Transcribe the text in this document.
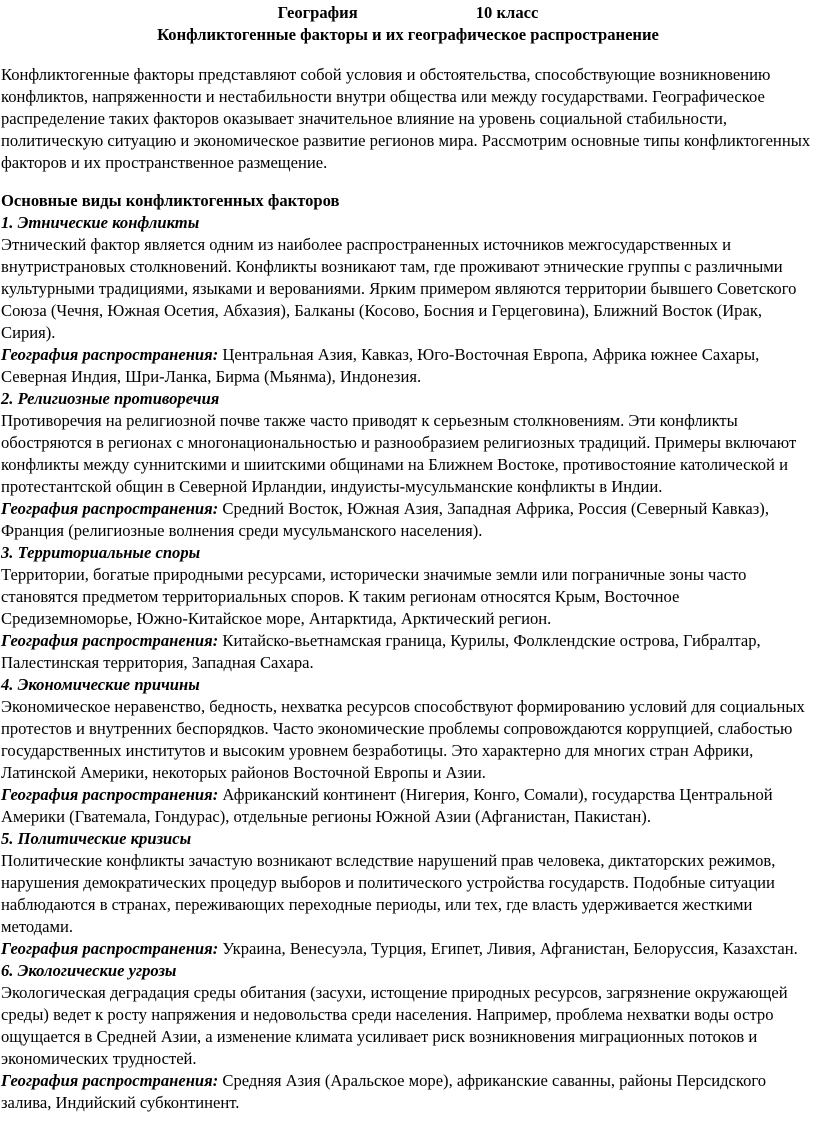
География	10 класс
Конфликтогенные факторы и их географическое распространение

Конфликтогенные факторы представляют собой условия и обстоятельства, способствующие возникновению конфликтов, напряженности и нестабильности внутри общества или между государствами. Географическое распределение таких факторов оказывает значительное влияние на уровень социальной стабильности, политическую ситуацию и экономическое развитие регионов мира. Рассмотрим основные типы конфликтогенных факторов и их пространственное размещение.

Основные виды конфликтогенных факторов

1. Этнические конфликты

Этнический фактор является одним из наиболее распространенных источников межгосударственных и внутристрановых столкновений. Конфликты возникают там, где проживают этнические группы с различными культурными традициями, языками и верованиями. Ярким примером являются территории бывшего Советского Союза (Чечня, Южная Осетия, Абхазия), Балканы (Косово, Босния и Герцеговина), Ближний Восток (Ирак, Сирия).

География распространения: Центральная Азия, Кавказ, Юго-Восточная Европа, Африка южнее Сахары, Северная Индия, Шри-Ланка, Бирма (Мьянма), Индонезия.

2. Религиозные противоречия

Противоречия на религиозной почве также часто приводят к серьезным столкновениям. Эти конфликты обостряются в регионах с многонациональностью и разнообразием религиозных традиций. Примеры включают конфликты между суннитскими и шиитскими общинами на Ближнем Востоке, противостояние католической и протестантской общин в Северной Ирландии, индуисты-мусульманские конфликты в Индии.

География распространения: Средний Восток, Южная Азия, Западная Африка, Россия (Северный Кавказ), Франция (религиозные волнения среди мусульманского населения).

3. Территориальные споры

Территории, богатые природными ресурсами, исторически значимые земли или пограничные зоны часто становятся предметом территориальных споров. К таким регионам относятся Крым, Восточное Средиземноморье, Южно-Китайское море, Антарктида, Арктический регион.

География распространения: Китайско-вьетнамская граница, Курилы, Фолклендские острова, Гибралтар, Палестинская территория, Западная Сахара.

4. Экономические причины

Экономическое неравенство, бедность, нехватка ресурсов способствуют формированию условий для социальных протестов и внутренних беспорядков. Часто экономические проблемы сопровождаются коррупцией, слабостью государственных институтов и высоким уровнем безработицы. Это характерно для многих стран Африки, Латинской Америки, некоторых районов Восточной Европы и Азии.

География распространения: Африканский континент (Нигерия, Конго, Сомали), государства Центральной Америки (Гватемала, Гондурас), отдельные регионы Южной Азии (Афганистан, Пакистан).

5. Политические кризисы

Политические конфликты зачастую возникают вследствие нарушений прав человека, диктаторских режимов, нарушения демократических процедур выборов и политического устройства государств. Подобные ситуации наблюдаются в странах, переживающих переходные периоды, или тех, где власть удерживается жесткими методами.

География распространения: Украина, Венесуэла, Турция, Египет, Ливия, Афганистан, Белоруссия, Казахстан.

6. Экологические угрозы

Экологическая деградация среды обитания (засухи, истощение природных ресурсов, загрязнение окружающей среды) ведет к росту напряжения и недовольства среди населения. Например, проблема нехватки воды остро ощущается в Средней Азии, а изменение климата усиливает риск возникновения миграционных потоков и экономических трудностей.

География распространения: Средняя Азия (Аральское море), африканские саванны, районы Персидского залива, Индийский субконтинент.
